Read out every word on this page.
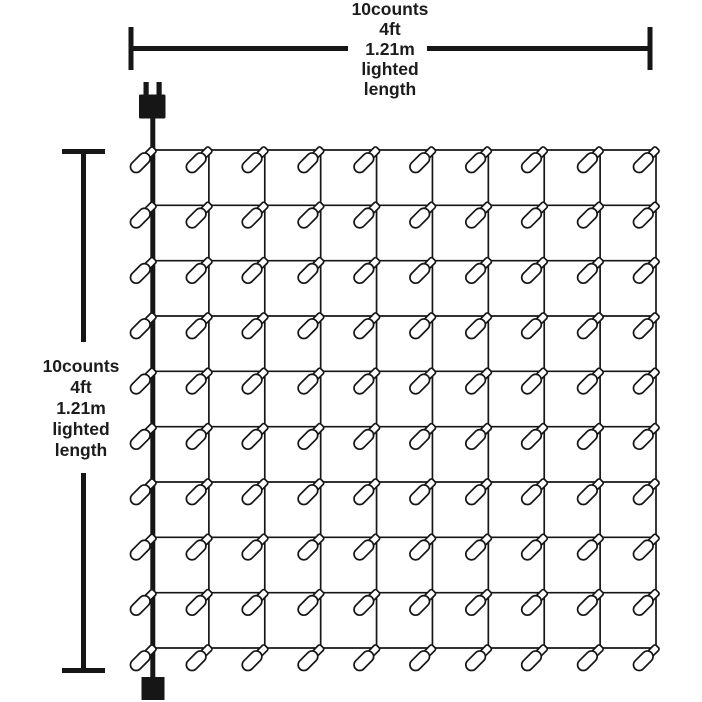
10counts
4ft
1.21m
lighted
length
10counts
4ft
1.21m
lighted
length
